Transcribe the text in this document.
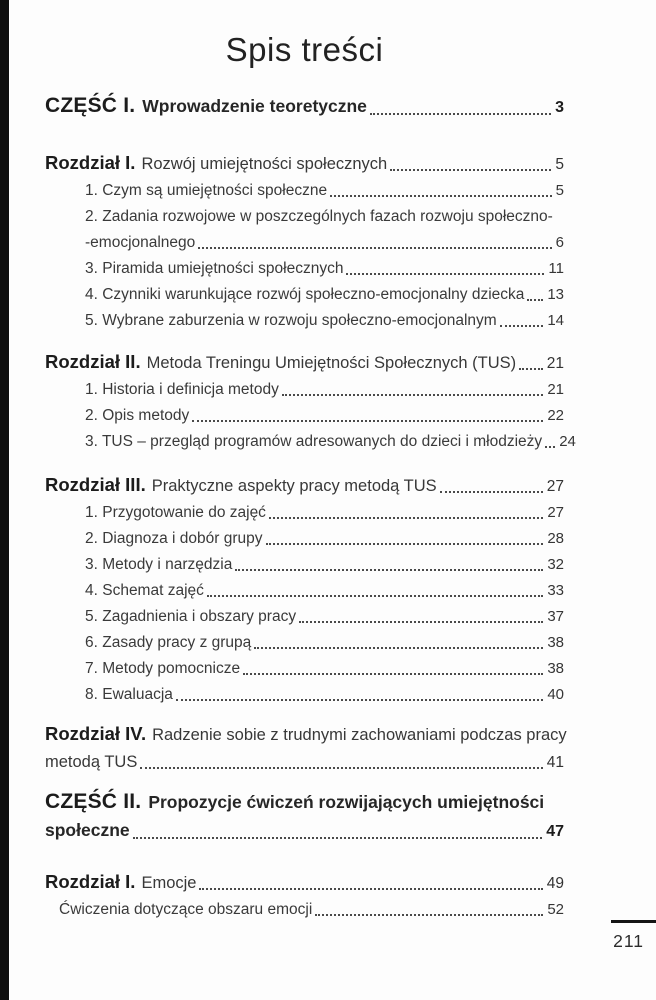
Spis treści
CZĘŚĆ I. Wprowadzenie teoretyczne	3
Rozdział I. Rozwój umiejętności społecznych	5
1. Czym są umiejętności społeczne	5
2. Zadania rozwojowe w poszczególnych fazach rozwoju społeczno-
-emocjonalnego	6
3. Piramida umiejętności społecznych	11
4. Czynniki warunkujące rozwój społeczno-emocjonalny dziecka 13
5. Wybrane zaburzenia w rozwoju społeczno-emocjonalnym	14
Rozdział II. Metoda Treningu Umiejętności Społecznych (TUS) 21
1. Historia i definicja metody	21
2. Opis metody	22
3. TUS – przegląd programów adresowanych do dzieci i młodzieży 24
Rozdział III. Praktyczne aspekty pracy metodą TUS	27
1. Przygotowanie do zajęć	27
2. Diagnoza i dobór grupy	28
3. Metody i narzędzia	32
4. Schemat zajęć	33
5. Zagadnienia i obszary pracy	37
6. Zasady pracy z grupą	38
7. Metody pomocnicze	38
8. Ewaluacja	40
Rozdział IV. Radzenie sobie z trudnymi zachowaniami podczas pracy
metodą TUS	41
CZĘŚĆ II. Propozycje ćwiczeń rozwijających umiejętności
społeczne	47
Rozdział I. Emocje	49
Ćwiczenia dotyczące obszaru emocji	52
211
